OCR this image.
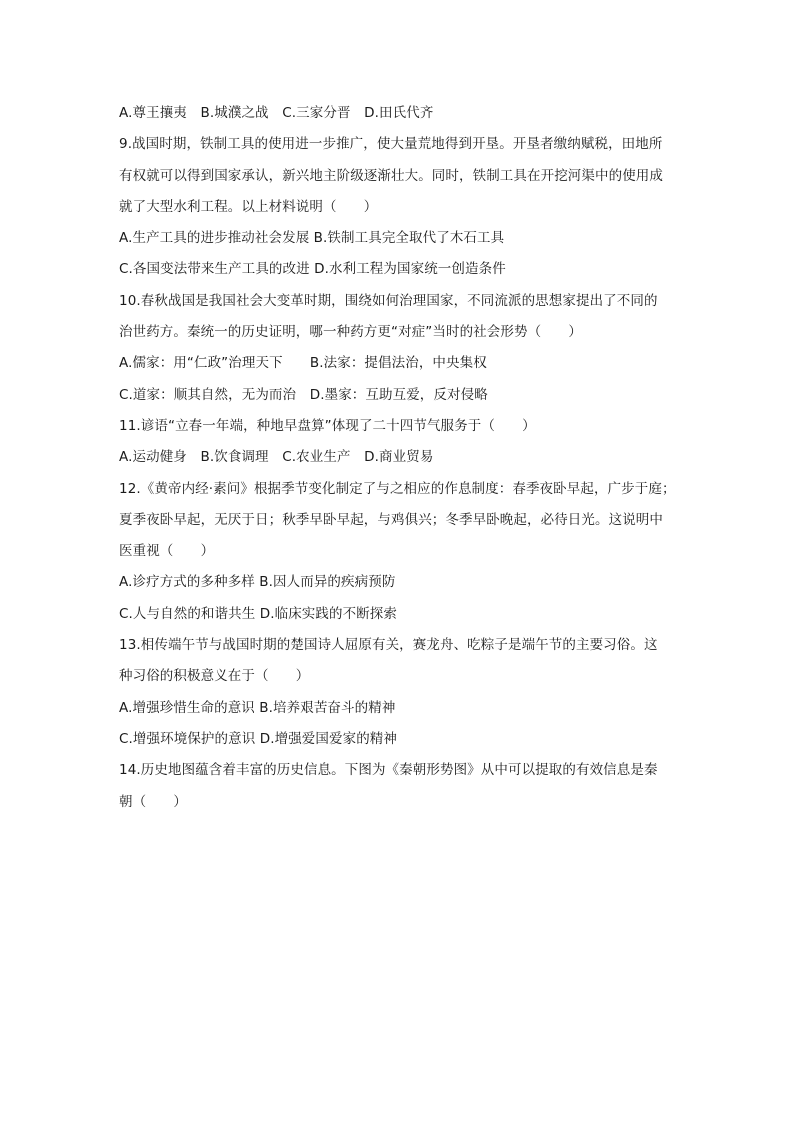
A.尊王攘夷　B.城濮之战　C.三家分晋　D.田氏代齐
9.战国时期，铁制工具的使用进一步推广，使大量荒地得到开垦。开垦者缴纳赋税，田地所
有权就可以得到国家承认，新兴地主阶级逐渐壮大。同时，铁制工具在开挖河渠中的使用成
就了大型水利工程。以上材料说明（　　）
A.生产工具的进步推动社会发展 B.铁制工具完全取代了木石工具
C.各国变法带来生产工具的改进 D.水利工程为国家统一创造条件
10.春秋战国是我国社会大变革时期，围绕如何治理国家，不同流派的思想家提出了不同的
治世药方。秦统一的历史证明，哪一种药方更“对症”当时的社会形势（　　）
A.儒家：用“仁政”治理天下　　B.法家：提倡法治，中央集权
C.道家：顺其自然，无为而治　D.墨家：互助互爱，反对侵略
11.谚语“立春一年端，种地早盘算”体现了二十四节气服务于（　　）
A.运动健身　B.饮食调理　C.农业生产　D.商业贸易
12.《黄帝内经·素问》根据季节变化制定了与之相应的作息制度：春季夜卧早起，广步于庭；
夏季夜卧早起，无厌于日；秋季早卧早起，与鸡俱兴；冬季早卧晚起，必待日光。这说明中
医重视（　　）
A.诊疗方式的多种多样 B.因人而异的疾病预防
C.人与自然的和谐共生 D.临床实践的不断探索
13.相传端午节与战国时期的楚国诗人屈原有关，赛龙舟、吃粽子是端午节的主要习俗。这
种习俗的积极意义在于（　　）
A.增强珍惜生命的意识 B.培养艰苦奋斗的精神
C.增强环境保护的意识 D.增强爱国爱家的精神
14.历史地图蕴含着丰富的历史信息。下图为《秦朝形势图》从中可以提取的有效信息是秦
朝（　　）
